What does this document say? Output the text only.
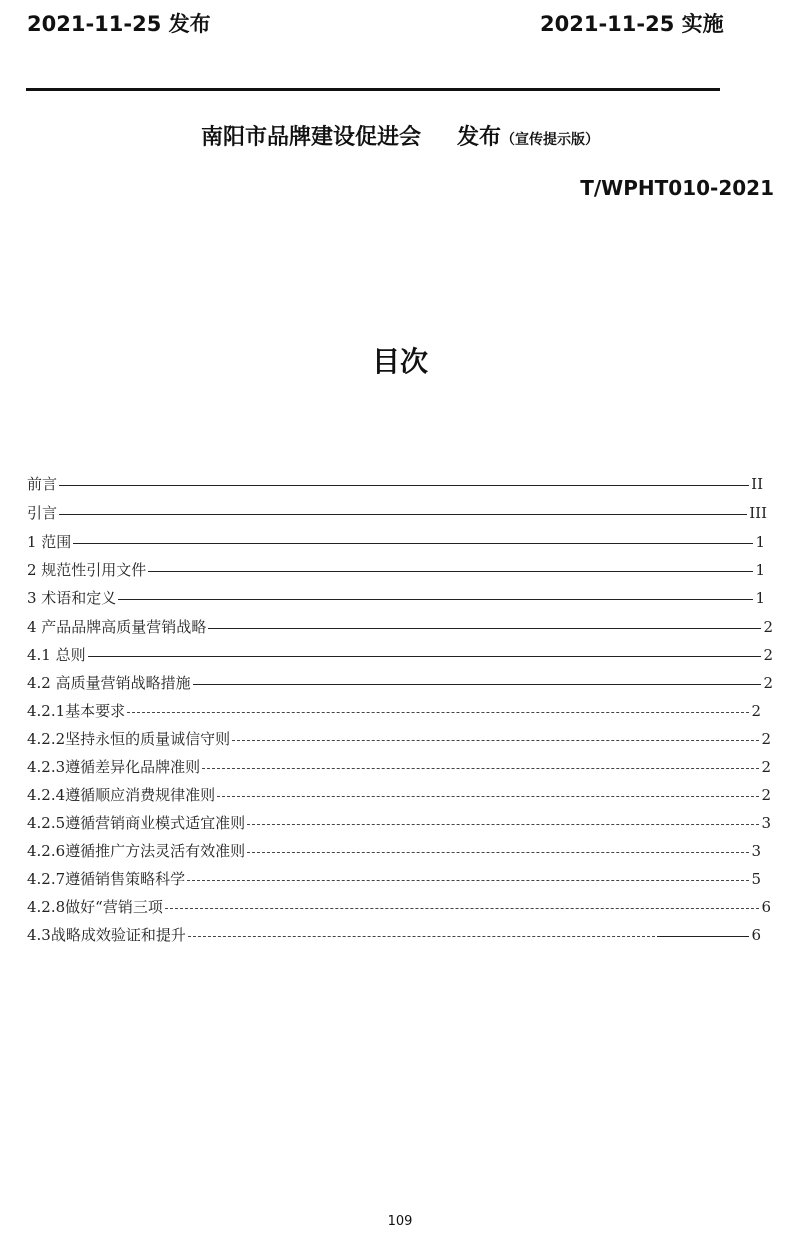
2021-11-25 发布	2021-11-25 实施
南阳市品牌建设促进会 发布（宣传提示版）
T/WPHT010-2021
目次
前言	II
引言	III
1 范围	1
2 规范性引用文件	1
3 术语和定义	1
4 产品品牌高质量营销战略	2
4.1 总则	2
4.2 高质量营销战略措施	2
4.2.1基本要求	2
4.2.2坚持永恒的质量诚信守则	2
4.2.3遵循差异化品牌准则	2
4.2.4遵循顺应消费规律准则	2
4.2.5遵循营销商业模式适宜准则	3
4.2.6遵循推广方法灵活有效准则	3
4.2.7遵循销售策略科学	5
4.2.8做好“营销三项	6
4.3战略成效验证和提升	6
109
